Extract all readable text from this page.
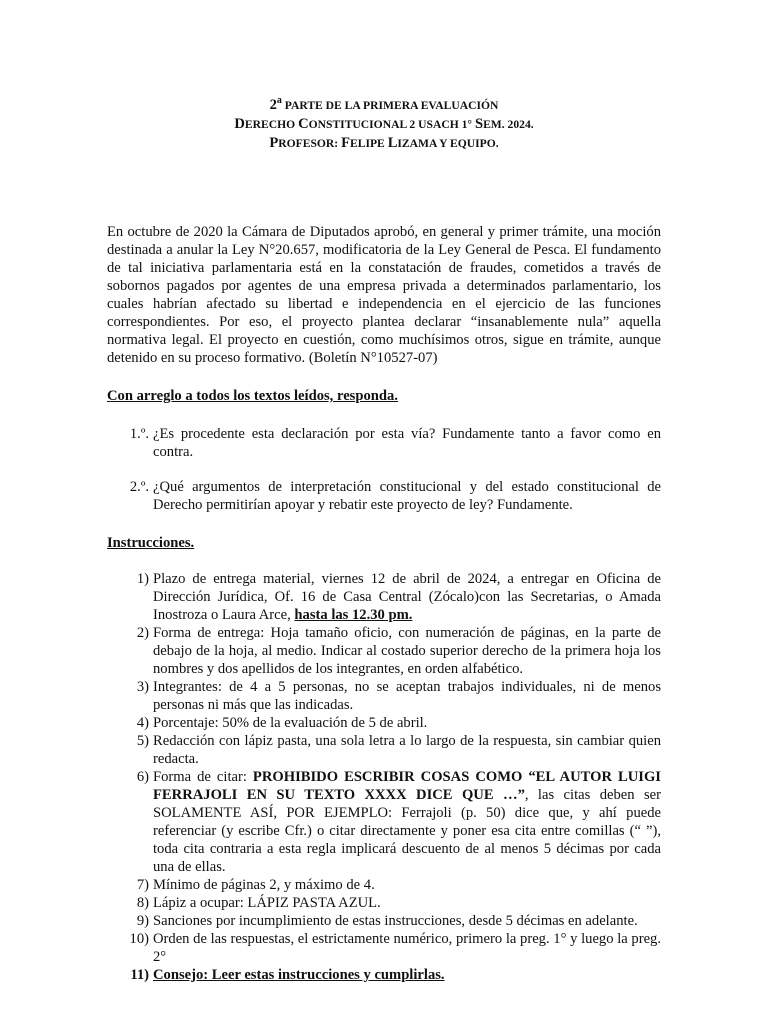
2$^a$ PARTE DE LA PRIMERA EVALUACIÓN
DERECHO CONSTITUCIONAL 2 USACH 1° SEM. 2024.
PROFESOR: FELIPE LIZAMA Y EQUIPO.
En octubre de 2020 la Cámara de Diputados aprobó, en general y primer trámite, una moción destinada a anular la Ley N°20.657, modificatoria de la Ley General de Pesca. El fundamento de tal iniciativa parlamentaria está en la constatación de fraudes, cometidos a través de sobornos pagados por agentes de una empresa privada a determinados parlamentario, los cuales habrían afectado su libertad e independencia en el ejercicio de las funciones correspondientes. Por eso, el proyecto plantea declarar “insanablemente nula” aquella normativa legal. El proyecto en cuestión, como muchísimos otros, sigue en trámite, aunque detenido en su proceso formativo. (Boletín N°10527-07)
Con arreglo a todos los textos leídos, responda.
1.º. ¿Es procedente esta declaración por esta vía? Fundamente tanto a favor como en contra.
2.º. ¿Qué argumentos de interpretación constitucional y del estado constitucional de Derecho permitirían apoyar y rebatir este proyecto de ley? Fundamente.
Instrucciones.
1) Plazo de entrega material, viernes 12 de abril de 2024, a entregar en Oficina de Dirección Jurídica, Of. 16 de Casa Central (Zócalo)con las Secretarias, o Amada Inostroza o Laura Arce, hasta las 12.30 pm.
2) Forma de entrega: Hoja tamaño oficio, con numeración de páginas, en la parte de debajo de la hoja, al medio. Indicar al costado superior derecho de la primera hoja los nombres y dos apellidos de los integrantes, en orden alfabético.
3) Integrantes: de 4 a 5 personas, no se aceptan trabajos individuales, ni de menos personas ni más que las indicadas.
4) Porcentaje: 50% de la evaluación de 5 de abril.
5) Redacción con lápiz pasta, una sola letra a lo largo de la respuesta, sin cambiar quien redacta.
6) Forma de citar: PROHIBIDO ESCRIBIR COSAS COMO “EL AUTOR LUIGI FERRAJOLI EN SU TEXTO XXXX DICE QUE …”, las citas deben ser SOLAMENTE ASÍ, POR EJEMPLO: Ferrajoli (p. 50) dice que, y ahí puede referenciar (y escribe Cfr.) o citar directamente y poner esa cita entre comillas (“ ”), toda cita contraria a esta regla implicará descuento de al menos 5 décimas por cada una de ellas.
7) Mínimo de páginas 2, y máximo de 4.
8) Lápiz a ocupar: LÁPIZ PASTA AZUL.
9) Sanciones por incumplimiento de estas instrucciones, desde 5 décimas en adelante.
10) Orden de las respuestas, el estrictamente numérico, primero la preg. 1° y luego la preg. 2°
11) Consejo: Leer estas instrucciones y cumplirlas.
